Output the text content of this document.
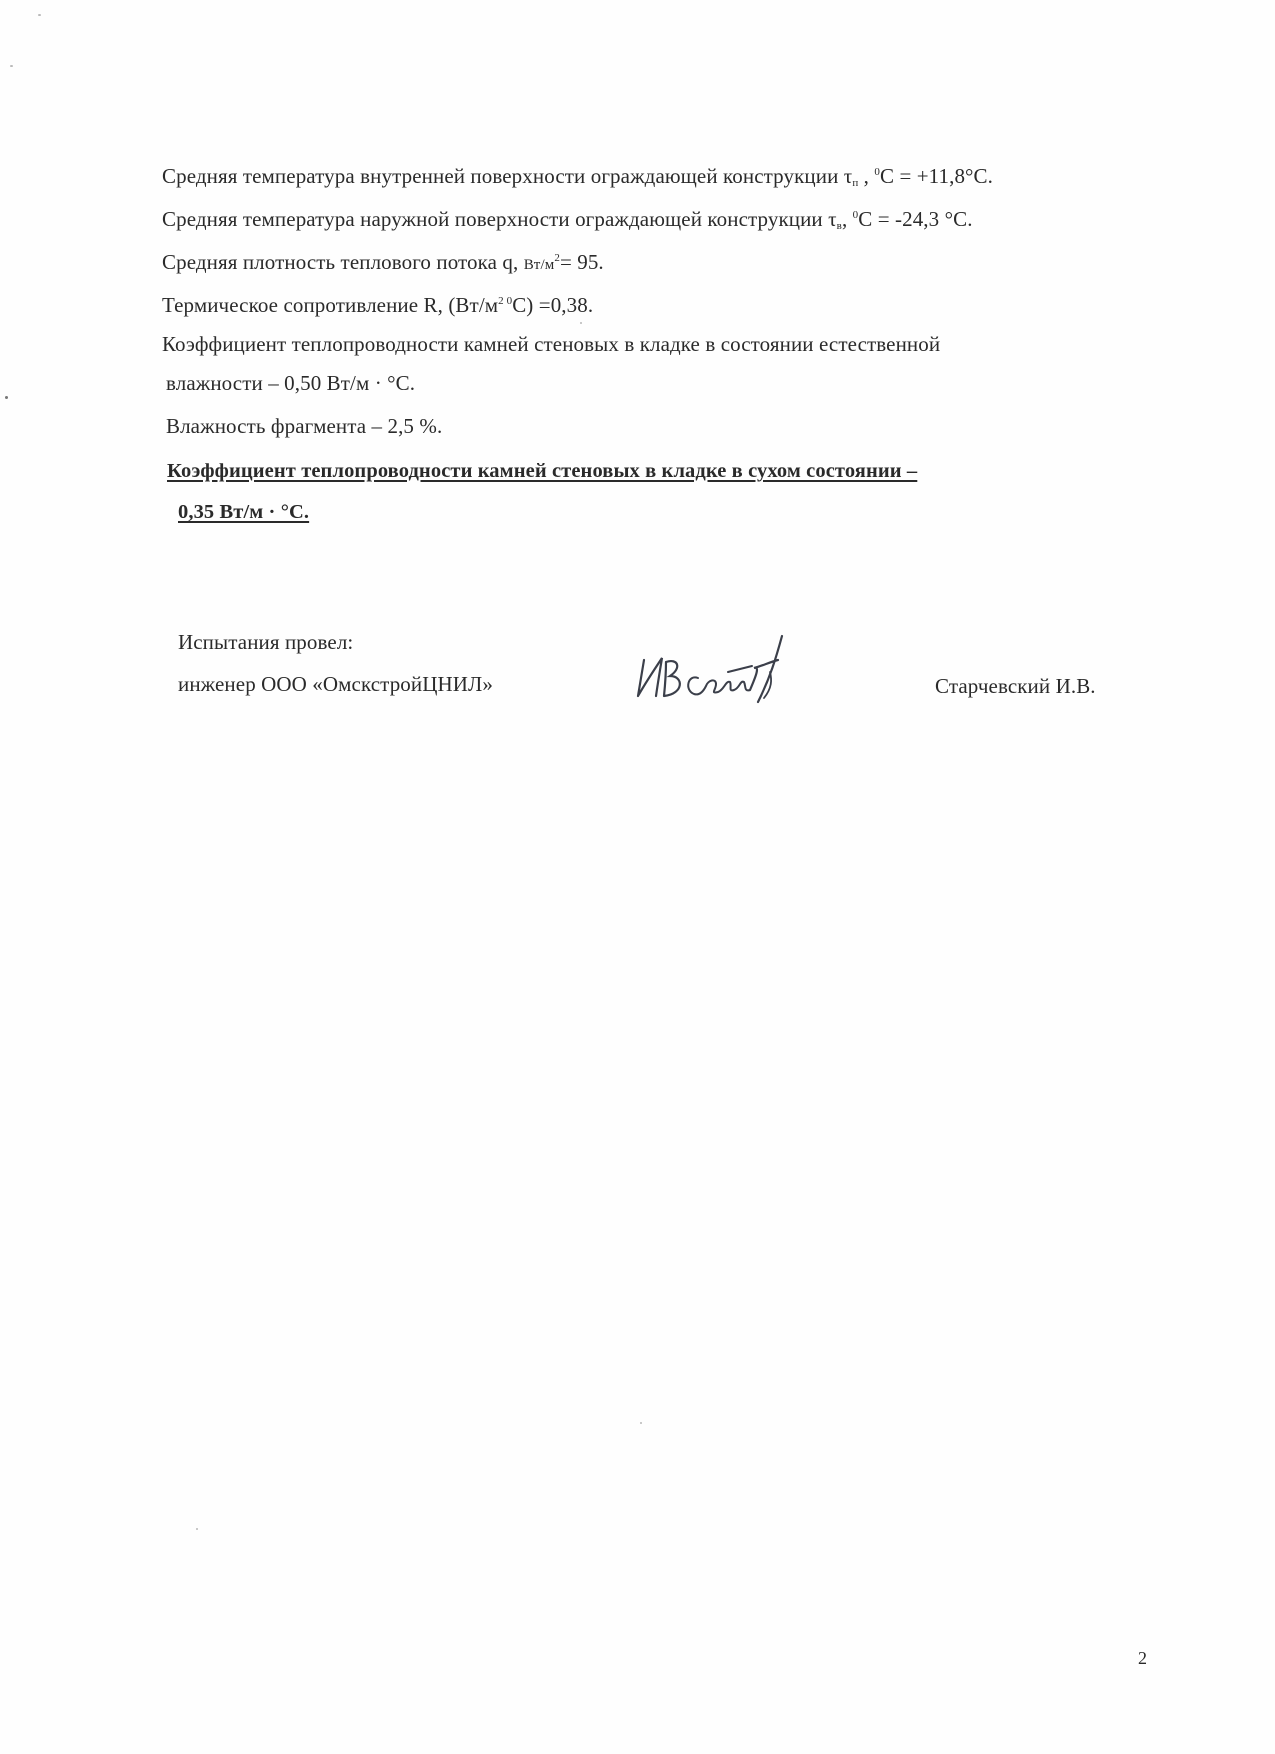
Средняя температура внутренней поверхности ограждающей конструкции $\tau_п$ , $^0$C = +11,8°C.
Средняя температура наружной поверхности ограждающей конструкции $\tau_в$, $^0$C = -24,3 °C.
Средняя плотность теплового потока q, $Вт/м^2= 95$.
Термическое сопротивление R, $(Вт/м^{2 0}C) =0,38$.
Коэффициент теплопроводности камней стеновых в кладке в состоянии естественной
влажности – 0,50 Вт/м · °С.
Влажность фрагмента – 2,5 %.
Коэффициент теплопроводности камней стеновых в кладке в сухом состоянии –
0,35 Вт/м · °С.
Испытания провел:
инженер ООО «ОмскстройЦНИЛ»	Старчевский И.В.
2
